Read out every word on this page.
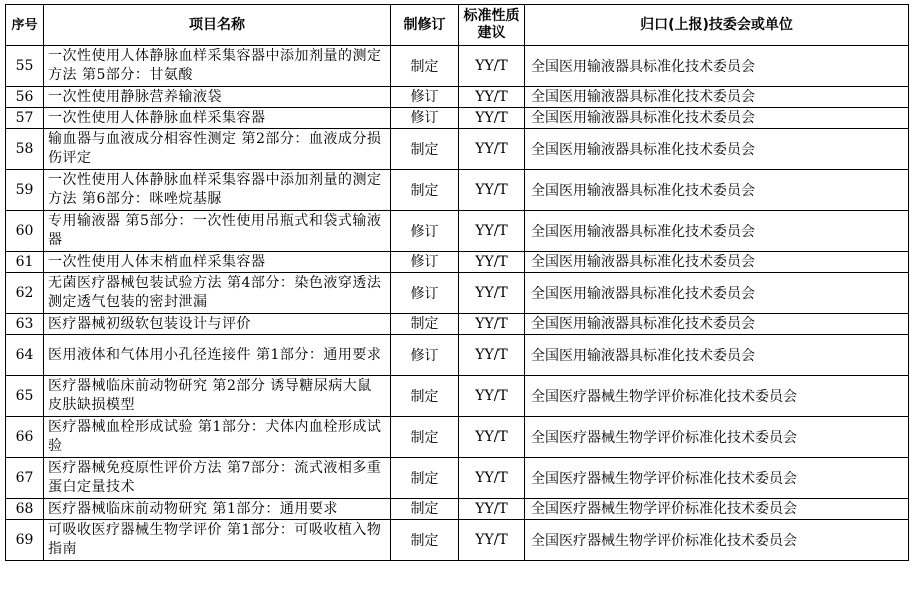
序号	项目名称	制修订	标准性质建议	归口(上报)技委会或单位
55	一次性使用人体静脉血样采集容器中添加剂量的测定方法 第5部分：甘氨酸	制定	YY/T	全国医用输液器具标准化技术委员会
56	一次性使用静脉营养输液袋	修订	YY/T	全国医用输液器具标准化技术委员会
57	一次性使用人体静脉血样采集容器	修订	YY/T	全国医用输液器具标准化技术委员会
58	输血器与血液成分相容性测定 第2部分：血液成分损伤评定	制定	YY/T	全国医用输液器具标准化技术委员会
59	一次性使用人体静脉血样采集容器中添加剂量的测定方法 第6部分：咪唑烷基脲	制定	YY/T	全国医用输液器具标准化技术委员会
60	专用输液器 第5部分：一次性使用吊瓶式和袋式输液器	修订	YY/T	全国医用输液器具标准化技术委员会
61	一次性使用人体末梢血样采集容器	修订	YY/T	全国医用输液器具标准化技术委员会
62	无菌医疗器械包装试验方法 第4部分：染色液穿透法测定透气包装的密封泄漏	修订	YY/T	全国医用输液器具标准化技术委员会
63	医疗器械初级软包装设计与评价	制定	YY/T	全国医用输液器具标准化技术委员会
64	医用液体和气体用小孔径连接件 第1部分：通用要求	修订	YY/T	全国医用输液器具标准化技术委员会
65	医疗器械临床前动物研究 第2部分 诱导糖尿病大鼠皮肤缺损模型	制定	YY/T	全国医疗器械生物学评价标准化技术委员会
66	医疗器械血栓形成试验 第1部分：犬体内血栓形成试验	制定	YY/T	全国医疗器械生物学评价标准化技术委员会
67	医疗器械免疫原性评价方法 第7部分：流式液相多重蛋白定量技术	制定	YY/T	全国医疗器械生物学评价标准化技术委员会
68	医疗器械临床前动物研究 第1部分：通用要求	制定	YY/T	全国医疗器械生物学评价标准化技术委员会
69	可吸收医疗器械生物学评价 第1部分：可吸收植入物指南	制定	YY/T	全国医疗器械生物学评价标准化技术委员会
